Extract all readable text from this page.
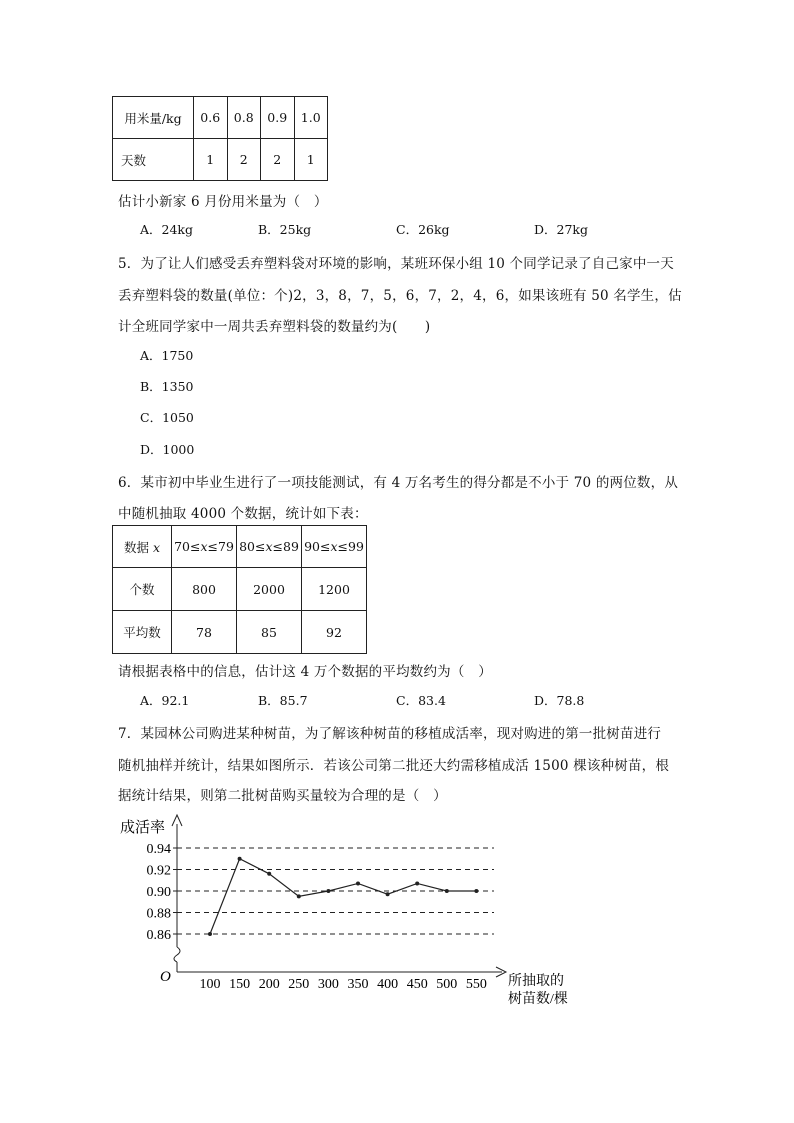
用米量/kg	0.6	0.8	0.9	1.0
天数	1	2	2	1
估计小新家 6 月份用米量为（　）
A．24kg	B．25kg	C．26kg	D．27kg
5．为了让人们感受丢弃塑料袋对环境的影响，某班环保小组 10 个同学记录了自己家中一天
丢弃塑料袋的数量(单位：个)2，3，8，7，5，6，7，2，4，6，如果该班有 50 名学生，估
计全班同学家中一周共丢弃塑料袋的数量约为(　　)
A．1750
B．1350
C．1050
D．1000
6．某市初中毕业生进行了一项技能测试，有 4 万名考生的得分都是不小于 70 的两位数，从
中随机抽取 4000 个数据，统计如下表：
数据 x	70≤x≤79	80≤x≤89	90≤x≤99
个数	800	2000	1200
平均数	78	85	92
请根据表格中的信息，估计这 4 万个数据的平均数约为（　）
A．92.1	B．85.7	C．83.4	D．78.8
7．某园林公司购进某种树苗，为了解该种树苗的移植成活率，现对购进的第一批树苗进行
随机抽样并统计，结果如图所示．若该公司第二批还大约需移植成活 1500 棵该种树苗，根
据统计结果，则第二批树苗购买量较为合理的是（　）
0.94
0.92
0.90
0.88
0.86
100 150 200 250 300 350 400 450 500 550
成活率
O	所抽取的
树苗数/棵
